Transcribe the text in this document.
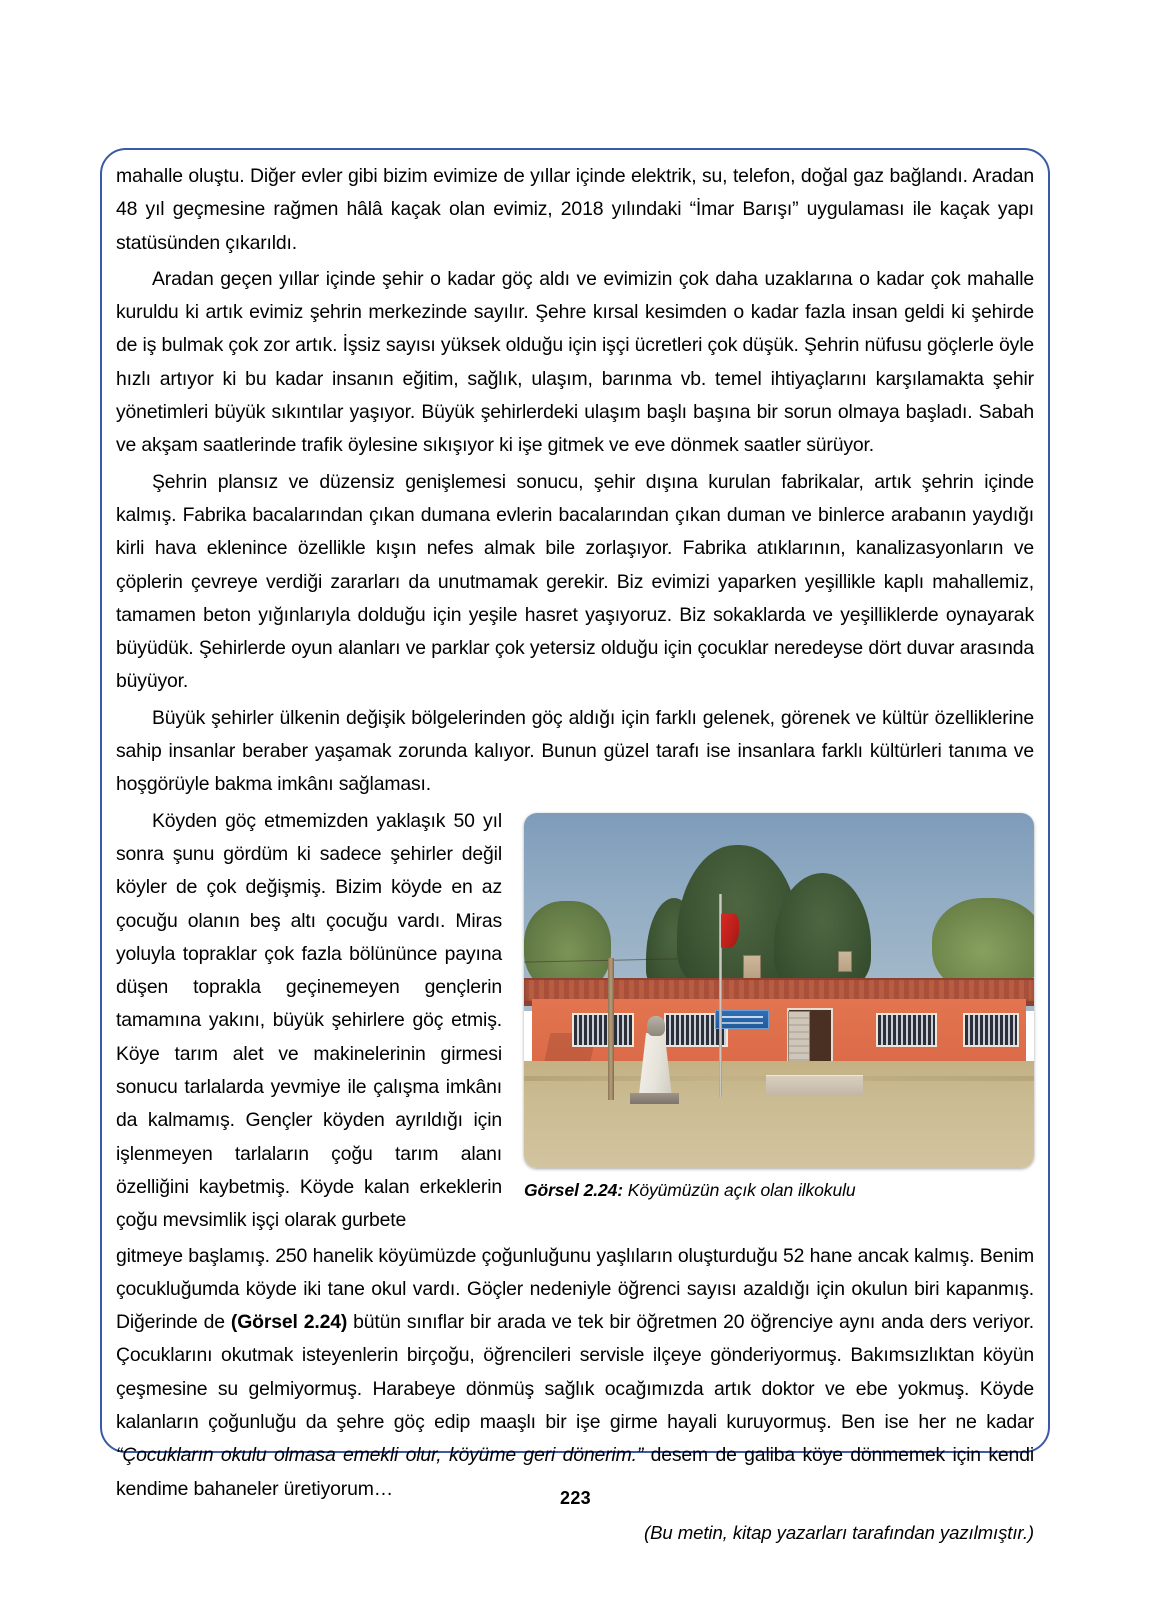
mahalle oluştu. Diğer evler gibi bizim evimize de yıllar içinde elektrik, su, telefon, doğal gaz bağlandı. Aradan 48 yıl geçmesine rağmen hâlâ kaçak olan evimiz, 2018 yılındaki “İmar Barışı” uygulaması ile kaçak yapı statüsünden çıkarıldı.

Aradan geçen yıllar içinde şehir o kadar göç aldı ve evimizin çok daha uzaklarına o kadar çok mahalle kuruldu ki artık evimiz şehrin merkezinde sayılır. Şehre kırsal kesimden o kadar fazla insan geldi ki şehirde de iş bulmak çok zor artık. İşsiz sayısı yüksek olduğu için işçi ücretleri çok düşük. Şehrin nüfusu göçlerle öyle hızlı artıyor ki bu kadar insanın eğitim, sağlık, ulaşım, barınma vb. temel ihtiyaçlarını karşılamakta şehir yönetimleri büyük sıkıntılar yaşıyor. Büyük şehirlerdeki ulaşım başlı başına bir sorun olmaya başladı. Sabah ve akşam saatlerinde trafik öylesine sıkışıyor ki işe gitmek ve eve dönmek saatler sürüyor.

Şehrin plansız ve düzensiz genişlemesi sonucu, şehir dışına kurulan fabrikalar, artık şehrin içinde kalmış. Fabrika bacalarından çıkan dumana evlerin bacalarından çıkan duman ve binlerce arabanın yaydığı kirli hava eklenince özellikle kışın nefes almak bile zorlaşıyor. Fabrika atıklarının, kanalizasyonların ve çöplerin çevreye verdiği zararları da unutmamak gerekir. Biz evimizi yaparken yeşillikle kaplı mahallemiz, tamamen beton yığınlarıyla dolduğu için yeşile hasret yaşıyoruz. Biz sokaklarda ve yeşilliklerde oynayarak büyüdük. Şehirlerde oyun alanları ve parklar çok yetersiz olduğu için çocuklar neredeyse dört duvar arasında büyüyor.

Büyük şehirler ülkenin değişik bölgelerinden göç aldığı için farklı gelenek, görenek ve kültür özelliklerine sahip insanlar beraber yaşamak zorunda kalıyor. Bunun güzel tarafı ise insanlara farklı kültürleri tanıma ve hoşgörüyle bakma imkânı sağlaması.

Görsel 2.24: Köyümüzün açık olan ilkokulu

Köyden göç etmemizden yaklaşık 50 yıl sonra şunu gördüm ki sadece şehirler değil köyler de çok değişmiş. Bizim köyde en az çocuğu olanın beş altı çocuğu vardı. Miras yoluyla topraklar çok fazla bölününce payına düşen toprakla geçinemeyen gençlerin tamamına yakını, büyük şehirlere göç etmiş. Köye tarım alet ve makinelerinin girmesi sonucu tarlalarda yevmiye ile çalışma imkânı da kalmamış. Gençler köyden ayrıldığı için işlenmeyen tarlaların çoğu tarım alanı özelliğini kaybetmiş. Köyde kalan erkeklerin çoğu mevsimlik işçi olarak gurbete

gitmeye başlamış. 250 hanelik köyümüzde çoğunluğunu yaşlıların oluşturduğu 52 hane ancak kalmış. Benim çocukluğumda köyde iki tane okul vardı. Göçler nedeniyle öğrenci sayısı azaldığı için okulun biri kapanmış. Diğerinde de (Görsel 2.24) bütün sınıflar bir arada ve tek bir öğretmen 20 öğrenciye aynı anda ders veriyor. Çocuklarını okutmak isteyenlerin birçoğu, öğrencileri servisle ilçeye gönderiyormuş. Bakımsızlıktan köyün çeşmesine su gelmiyormuş. Harabeye dönmüş sağlık ocağımızda artık doktor ve ebe yokmuş. Köyde kalanların çoğunluğu da şehre göç edip maaşlı bir işe girme hayali kuruyormuş. Ben ise her ne kadar “Çocukların okulu olmasa emekli olur, köyüme geri dönerim.” desem de galiba köye dönmemek için kendi kendime bahaneler üretiyorum…

(Bu metin, kitap yazarları tarafından yazılmıştır.)

223
